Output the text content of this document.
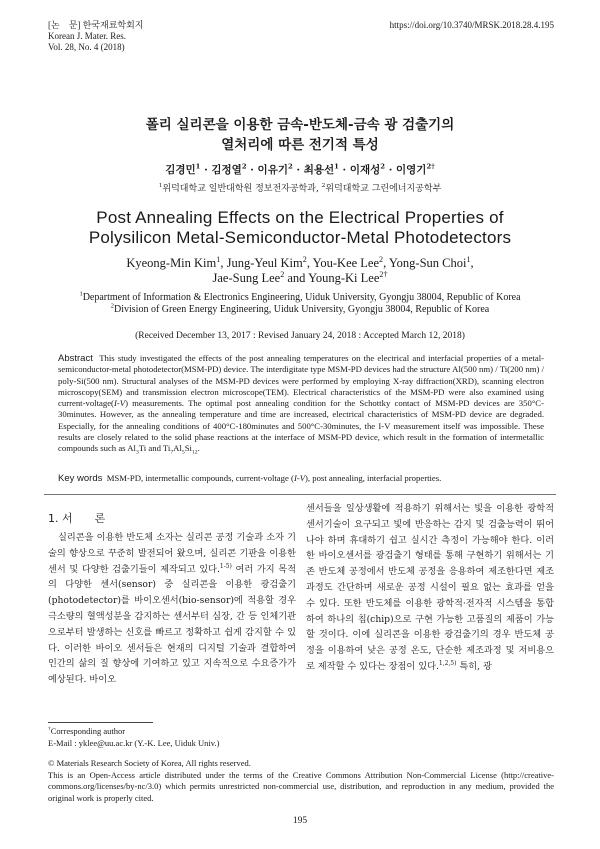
[논　문] 한국재료학회지
Korean J. Mater. Res.
Vol. 28, No. 4 (2018)
https://doi.org/10.3740/MRSK.2018.28.4.195
폴리 실리콘을 이용한 금속-반도체-금속 광 검출기의
열처리에 따른 전기적 특성
김경민$^1$ · 김정열$^2$ · 이유기$^2$ · 최용선$^1$ · 이재성$^2$ · 이영기$^{2\dagger}$
$^1$위덕대학교 일반대학원 정보전자공학과, $^2$위덕대학교 그린에너지공학부
Post Annealing Effects on the Electrical Properties of
Polysilicon Metal-Semiconductor-Metal Photodetectors
Kyeong-Min Kim$^1$, Jung-Yeul Kim$^2$, You-Kee Lee$^2$, Yong-Sun Choi$^1$,
Jae-Sung Lee$^2$ and Young-Ki Lee$^{2\dagger}$
$^1$Department of Information & Electronics Engineering, Uiduk University, Gyongju 38004, Republic of Korea
$^2$Division of Green Energy Engineering, Uiduk University, Gyongju 38004, Republic of Korea
(Received December 13, 2017 : Revised January 24, 2018 : Accepted March 12, 2018)
Abstract This study investigated the effects of the post annealing temperatures on the electrical and interfacial properties of a metal-semiconductor-metal photodetector(MSM-PD) device. The interdigitate type MSM-PD devices had the structure Al(500 nm) / Ti(200 nm) / poly-Si(500 nm). Structural analyses of the MSM-PD devices were performed by employing X-ray diffraction(XRD), scanning electron microscopy(SEM) and transmission electron microscope(TEM). Electrical characteristics of the MSM-PD were also examined using current-voltage(I-V) measurements. The optimal post annealing condition for the Schottky contact of MSM-PD devices are 350°C-30minutes. However, as the annealing temperature and time are increased, electrical characteristics of MSM-PD device are degraded. Especially, for the annealing conditions of 400°C-180minutes and 500°C-30minutes, the I-V measurement itself was impossible. These results are closely related to the solid phase reactions at the interface of MSM-PD device, which result in the formation of intermetallic compounds such as $Al_3Ti$ and $Ti_7Al_5Si_{12}$.
Key words MSM-PD, intermetallic compounds, current-voltage (I-V), post annealing, interfacial properties.
1. 서　　론

실리콘을 이용한 반도체 소자는 실리콘 공정 기술과 소자 기술의 향상으로 꾸준히 발전되어 왔으며, 실리콘 기판을 이용한 센서 및 다양한 검출기들이 제작되고 있다.$^{1-5)}$ 여러 가지 목적의 다양한 센서(sensor) 중 실리콘을 이용한 광검출기(photodetector)를 바이오센서(bio-sensor)에 적용할 경우 극소량의 혈액성분을 감지하는 센서부터 심장, 간 등 인체기관으로부터 발생하는 신호를 빠르고 정확하고 쉽게 감지할 수 있다. 이러한 바이오 센서들은 현재의 디지털 기술과 결합하여 인간의 삶의 질 향상에 기여하고 있고 지속적으로 수요증가가 예상된다. 바이오

센서들을 일상생활에 적용하기 위해서는 빛을 이용한 광학적 센서기술이 요구되고 빛에 반응하는 감지 및 검출능력이 뛰어나야 하며 휴대하기 쉽고 실시간 측정이 가능해야 한다. 이러한 바이오센서를 광검출기 형태를 통해 구현하기 위해서는 기존 반도체 공정에서 반도체 공정을 응용하여 제조한다면 제조 과정도 간단하며 새로운 공정 시설이 필요 없는 효과를 얻을 수 있다. 또한 반도체를 이용한 광학적·전자적 시스템을 통합하여 하나의 칩(chip)으로 구현 가능한 고품질의 제품이 가능할 것이다. 이에 실리콘을 이용한 광검출기의 경우 반도체 공정을 이용하여 낮은 공정 온도, 단순한 제조과정 및 저비용으로 제작할 수 있다는 장점이 있다.$^{1,2,5)}$ 특히, 광

†Corresponding author
E-Mail : yklee@uu.ac.kr (Y.-K. Lee, Uiduk Univ.)
© Materials Research Society of Korea, All rights reserved.
This is an Open-Access article distributed under the terms of the Creative Commons Attribution Non-Commercial License (http://creative-commons.org/licenses/by-nc/3.0) which permits unrestricted non-commercial use, distribution, and reproduction in any medium, provided the original work is properly cited.
195
